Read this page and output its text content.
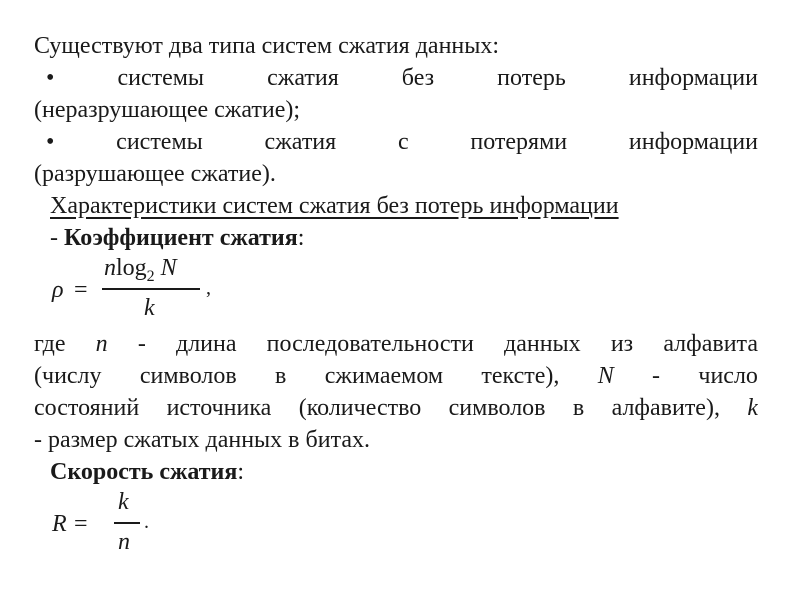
Существуют два типа систем сжатия данных:
•	системы	сжатия	без	потерь	информации
(неразрушающее сжатие);
•	системы	сжатия	с	потерями	информации
(разрушающее сжатие).
Характеристики систем сжатия без потерь информации
- Коэффициент сжатия:
ρ =
nlog$_2$ N
k
,
где n - длина последовательности данных из алфавита
(числу символов в сжимаемом тексте), N - число
состояний источника (количество символов в алфавите), k
- размер сжатых данных в битах.
Скорость сжатия:
R =
k
n
.
